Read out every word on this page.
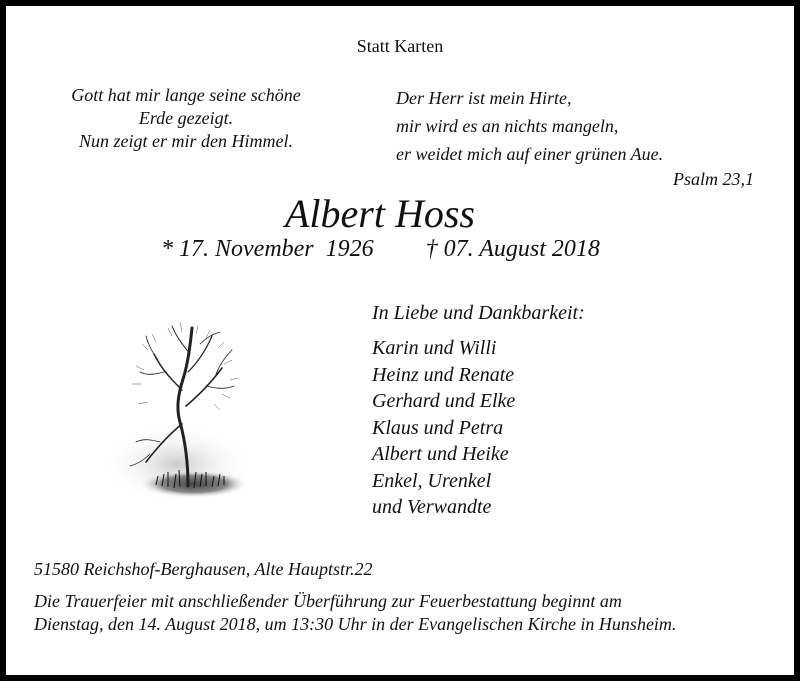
Statt Karten
Gott hat mir lange seine schöne
Erde gezeigt.
Nun zeigt er mir den Himmel.
Der Herr ist mein Hirte,
mir wird es an nichts mangeln,
er weidet mich auf einer grünen Aue.
Psalm 23,1
Albert Hoss
* 17. November  1926 † 07. August 2018
In Liebe und Dankbarkeit:
Karin und Willi
Heinz und Renate
Gerhard und Elke
Klaus und Petra
Albert und Heike
Enkel, Urenkel
und Verwandte
51580 Reichshof-Berghausen, Alte Hauptstr.22
Die Trauerfeier mit anschließender Überführung zur Feuerbestattung beginnt am
Dienstag, den 14. August 2018, um 13:30 Uhr in der Evangelischen Kirche in Hunsheim.
